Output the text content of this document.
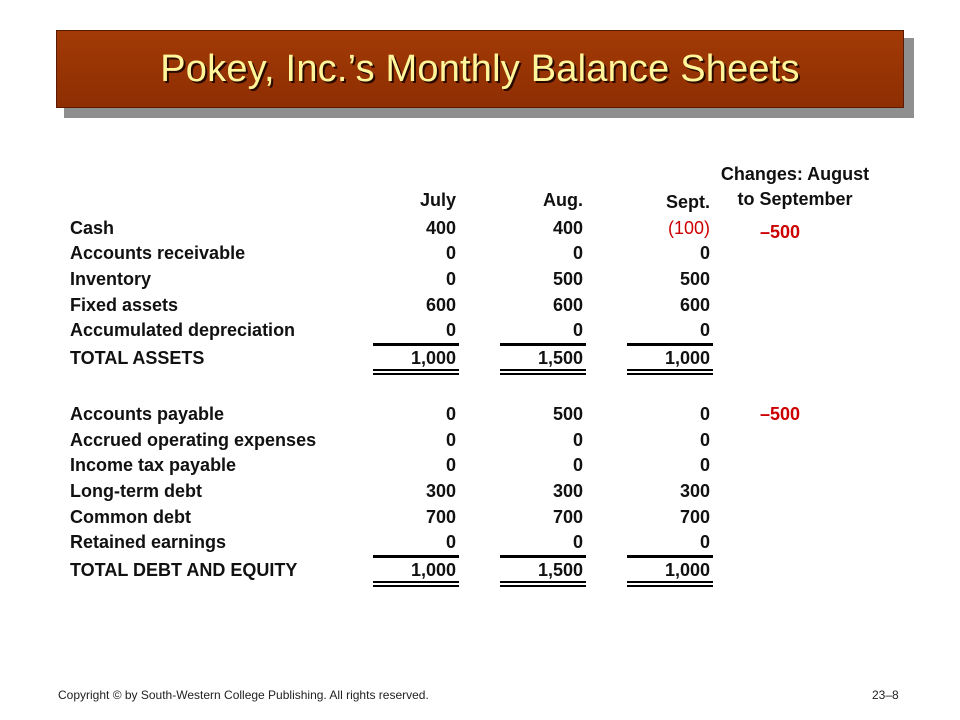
Pokey, Inc.’s Monthly Balance Sheets
Changes: August
to September
July	Aug.	Sept.
Cash	400	400	(100)	–500
Accounts receivable	0	0	0
Inventory	0	500	500
Fixed assets	600	600	600
Accumulated depreciation	0	0	0
TOTAL ASSETS	1,000	1,500	1,000
Accounts payable	0	500	0	–500
Accrued operating expenses	0	0	0
Income tax payable	0	0	0
Long-term debt	300	300	300
Common debt	700	700	700
Retained earnings	0	0	0
TOTAL DEBT AND EQUITY	1,000	1,500	1,000
Copyright © by South-Western College Publishing. All rights reserved.	23–8
